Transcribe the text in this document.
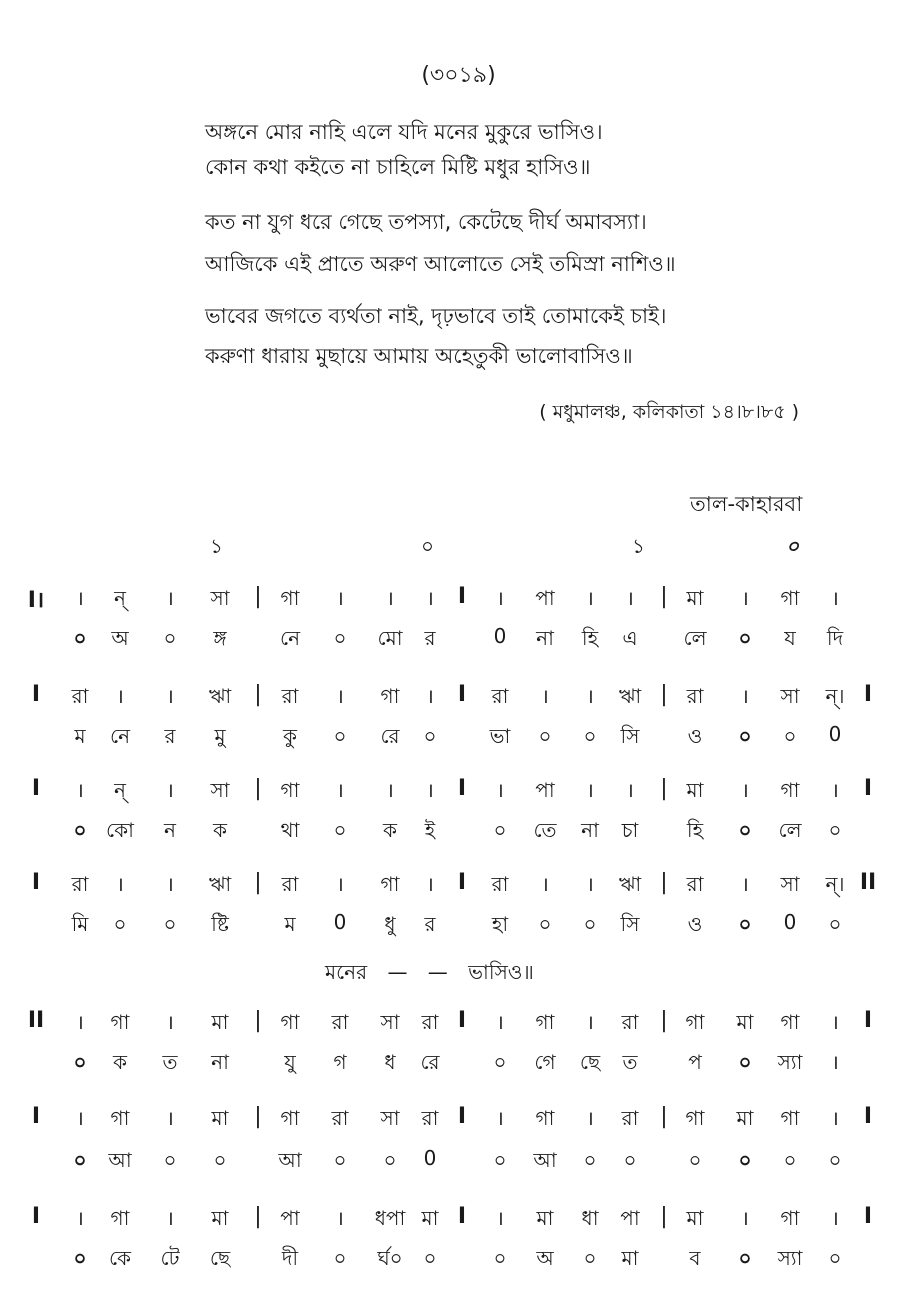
(৩০১৯)
অঙ্গনে মোর নাহি এলে যদি মনের মুকুরে ভাসিও।
কোন কথা কইতে না চাহিলে মিষ্টি মধুর হাসিও॥
কত না যুগ ধরে গেছে তপস্যা, কেটেছে দীর্ঘ অমাবস্যা।
আজিকে এই প্রাতে অরুণ আলোতে সেই তমিস্রা নাশিও॥
ভাবের জগতে ব্যর্থতা নাই, দৃঢ়ভাবে তাই তোমাকেই চাই।
করুণা ধারায় মুছায়ে আমায় অহেতুকী ভালোবাসিও॥
( মধুমালঞ্চ, কলিকাতা ১৪।৮।৮৫ )
তাল-কাহারবা
১	০	১	০
I।	|	I	|
। ন্ । সা	গা । । ।	। পা । ।	মা । গা ।
০ অ ০ ঙ্গ	নে ০ মো র	0 না হি এ লে ০ য দি
I	|	I	|	I
রা । । ঋা	রা । গা ।	রা । । ঋা রা । সা ন্।
ম নে র মু	কু ০ রে ০	ভা ০ ০ সি ও ০ ০ 0
I	|	I	|	I
। ন্ । সা	গা । । ।	। পা । ।	মা । গা ।
০ কো ন ক	থা ০ ক ই	০ তে না চা হি ০ লে ০
I	|	I	|	II
রা । । ঋা	রা । গা ।	রা । । ঋা রা । সা ন্।
মি ০ ০ ষ্টি	ম 0 ধু র	হা ০ ০ সি ও ০ 0 ০
II	|	I	|	I
। গা । মা	গা রা সা রা	। গা । রা গা মা গা ।
০ ক ত না	যু গ ধ রে	০ গে ছে ত	প ০ স্যা ।
I	|	I	|	I
। গা । মা	গা রা সা রা	। গা । রা গা মা গা ।
০ আ ০ ০	আ ০ ০ 0	০ আ ০ ০	০ ০ ০ ০
I	|	I	|	I
। গা । মা	পা । ধপা মা	। মা ধা পা মা । গা ।
০ কে টে ছে	দী ০ র্ঘ০ ০	০ অ ০ মা	ব ০ স্যা ০
মনের — — ভাসিও॥
